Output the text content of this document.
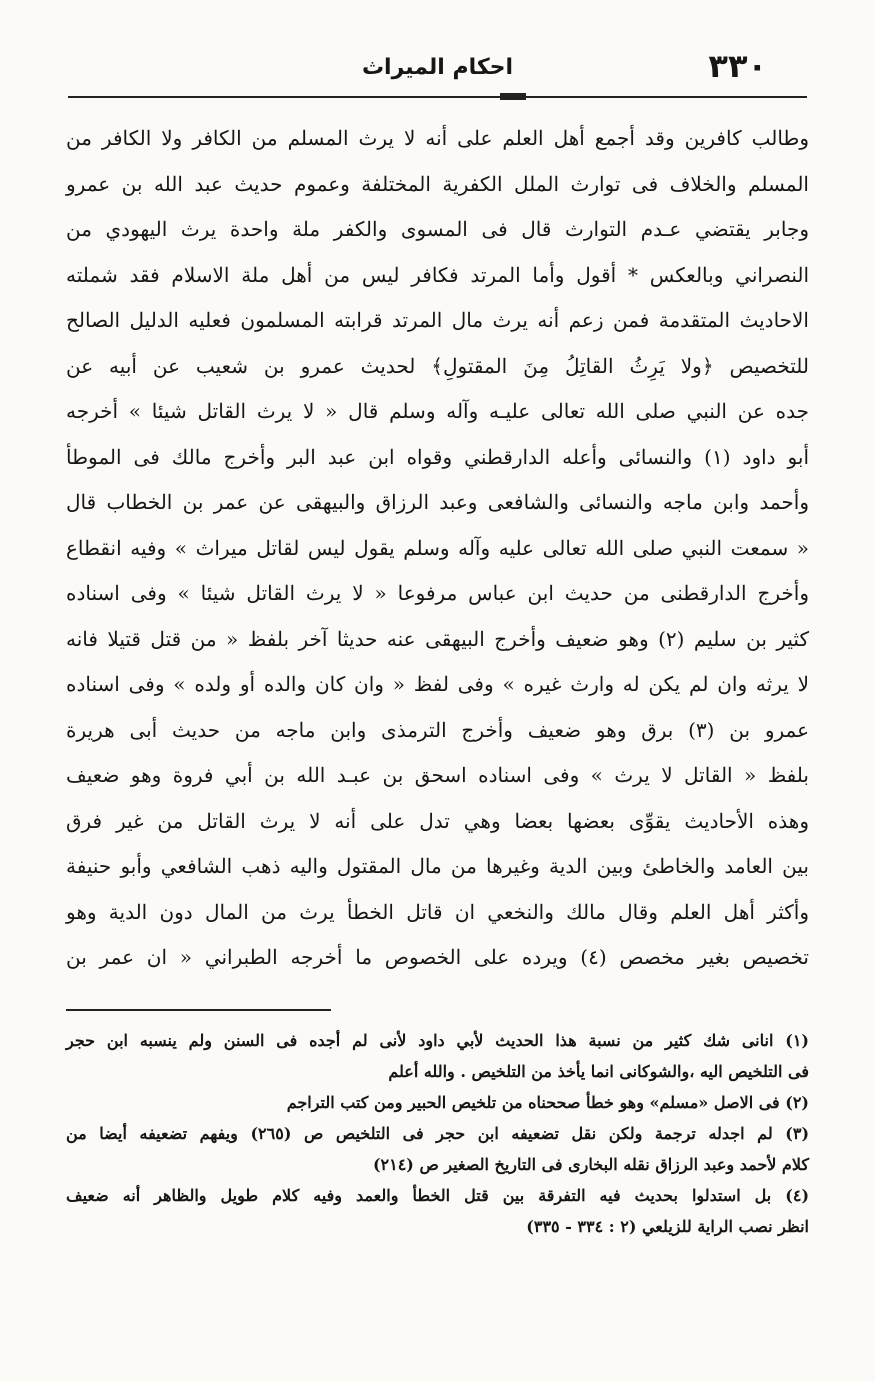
٣٣٠
احكام الميراث
وطالب كافرين وقد أجمع أهل العلم على أنه لا يرث المسلم من الكافر ولا الكافر من
المسلم والخلاف فى توارث الملل الكفرية المختلفة وعموم حديث عبد الله بن عمرو
وجابر يقتضي عـدم التوارث قال فى المسوى والكفر ملة واحدة يرث اليهودي من
النصراني وبالعكس * أقول وأما المرتد فكافر ليس من أهل ملة الاسلام فقد شملته
الاحاديث المتقدمة فمن زعم أنه يرث مال المرتد قرابته المسلمون فعليه الدليل الصالح
للتخصيص ﴿ولا يَرِثُ القاتِلُ مِنَ المقتولِ﴾ لحديث عمرو بن شعيب عن أبيه عن
جده عن النبي صلى الله تعالى عليـه وآله وسلم قال « لا يرث القاتل شيئا » أخرجه
أبو داود (١) والنسائى وأعله الدارقطني وقواه ابن عبد البر وأخرج مالك فى الموطأ
وأحمد وابن ماجه والنسائى والشافعى وعبد الرزاق والبيهقى عن عمر بن الخطاب قال
« سمعت النبي صلى الله تعالى عليه وآله وسلم يقول ليس لقاتل ميراث » وفيه انقطاع
وأخرج الدارقطنى من حديث ابن عباس مرفوعا « لا يرث القاتل شيئا » وفى اسناده
كثير بن سليم (٢) وهو ضعيف وأخرج البيهقى عنه حديثا آخر بلفظ « من قتل قتيلا فانه
لا يرثه وان لم يكن له وارث غيره » وفى لفظ « وان كان والده أو ولده » وفى اسناده
عمرو بن (٣) برق وهو ضعيف وأخرج الترمذى وابن ماجه من حديث أبى هريرة
بلفظ « القاتل لا يرث » وفى اسناده اسحق بن عبـد الله بن أبي فروة وهو ضعيف
وهذه الأحاديث يقوِّى بعضها بعضا وهي تدل على أنه لا يرث القاتل من غير فرق
بين العامد والخاطئ وبين الدية وغيرها من مال المقتول واليه ذهب الشافعي وأبو حنيفة
وأكثر أهل العلم وقال مالك والنخعي ان قاتل الخطأ يرث من المال دون الدية وهو
تخصيص بغير مخصص (٤) ويرده على الخصوص ما أخرجه الطبراني « ان عمر بن
(١) انانى شك كثير من نسبة هذا الحديث لأبي داود لأنى لم أجده فى السنن ولم ينسبه ابن حجر
فى التلخيص اليه ،والشوكانى انما يأخذ من التلخيص . والله أعلم
(٢) فى الاصل «مسلم» وهو خطأ صححناه من تلخيص الحبير ومن كتب التراجم
(٣) لم اجدله ترجمة ولكن نقل تضعيفه ابن حجر فى التلخيص ص (٢٦٥) ويفهم تضعيفه أيضا من
كلام لأحمد وعبد الرزاق نقله البخارى فى التاريخ الصغير ص (٢١٤)
(٤) بل استدلوا بحديث فيه التفرقة بين قتل الخطأ والعمد وفيه كلام طويل والظاهر أنه ضعيف
انظر نصب الراية للزيلعي (٢ : ٣٣٤ - ٣٣٥)
